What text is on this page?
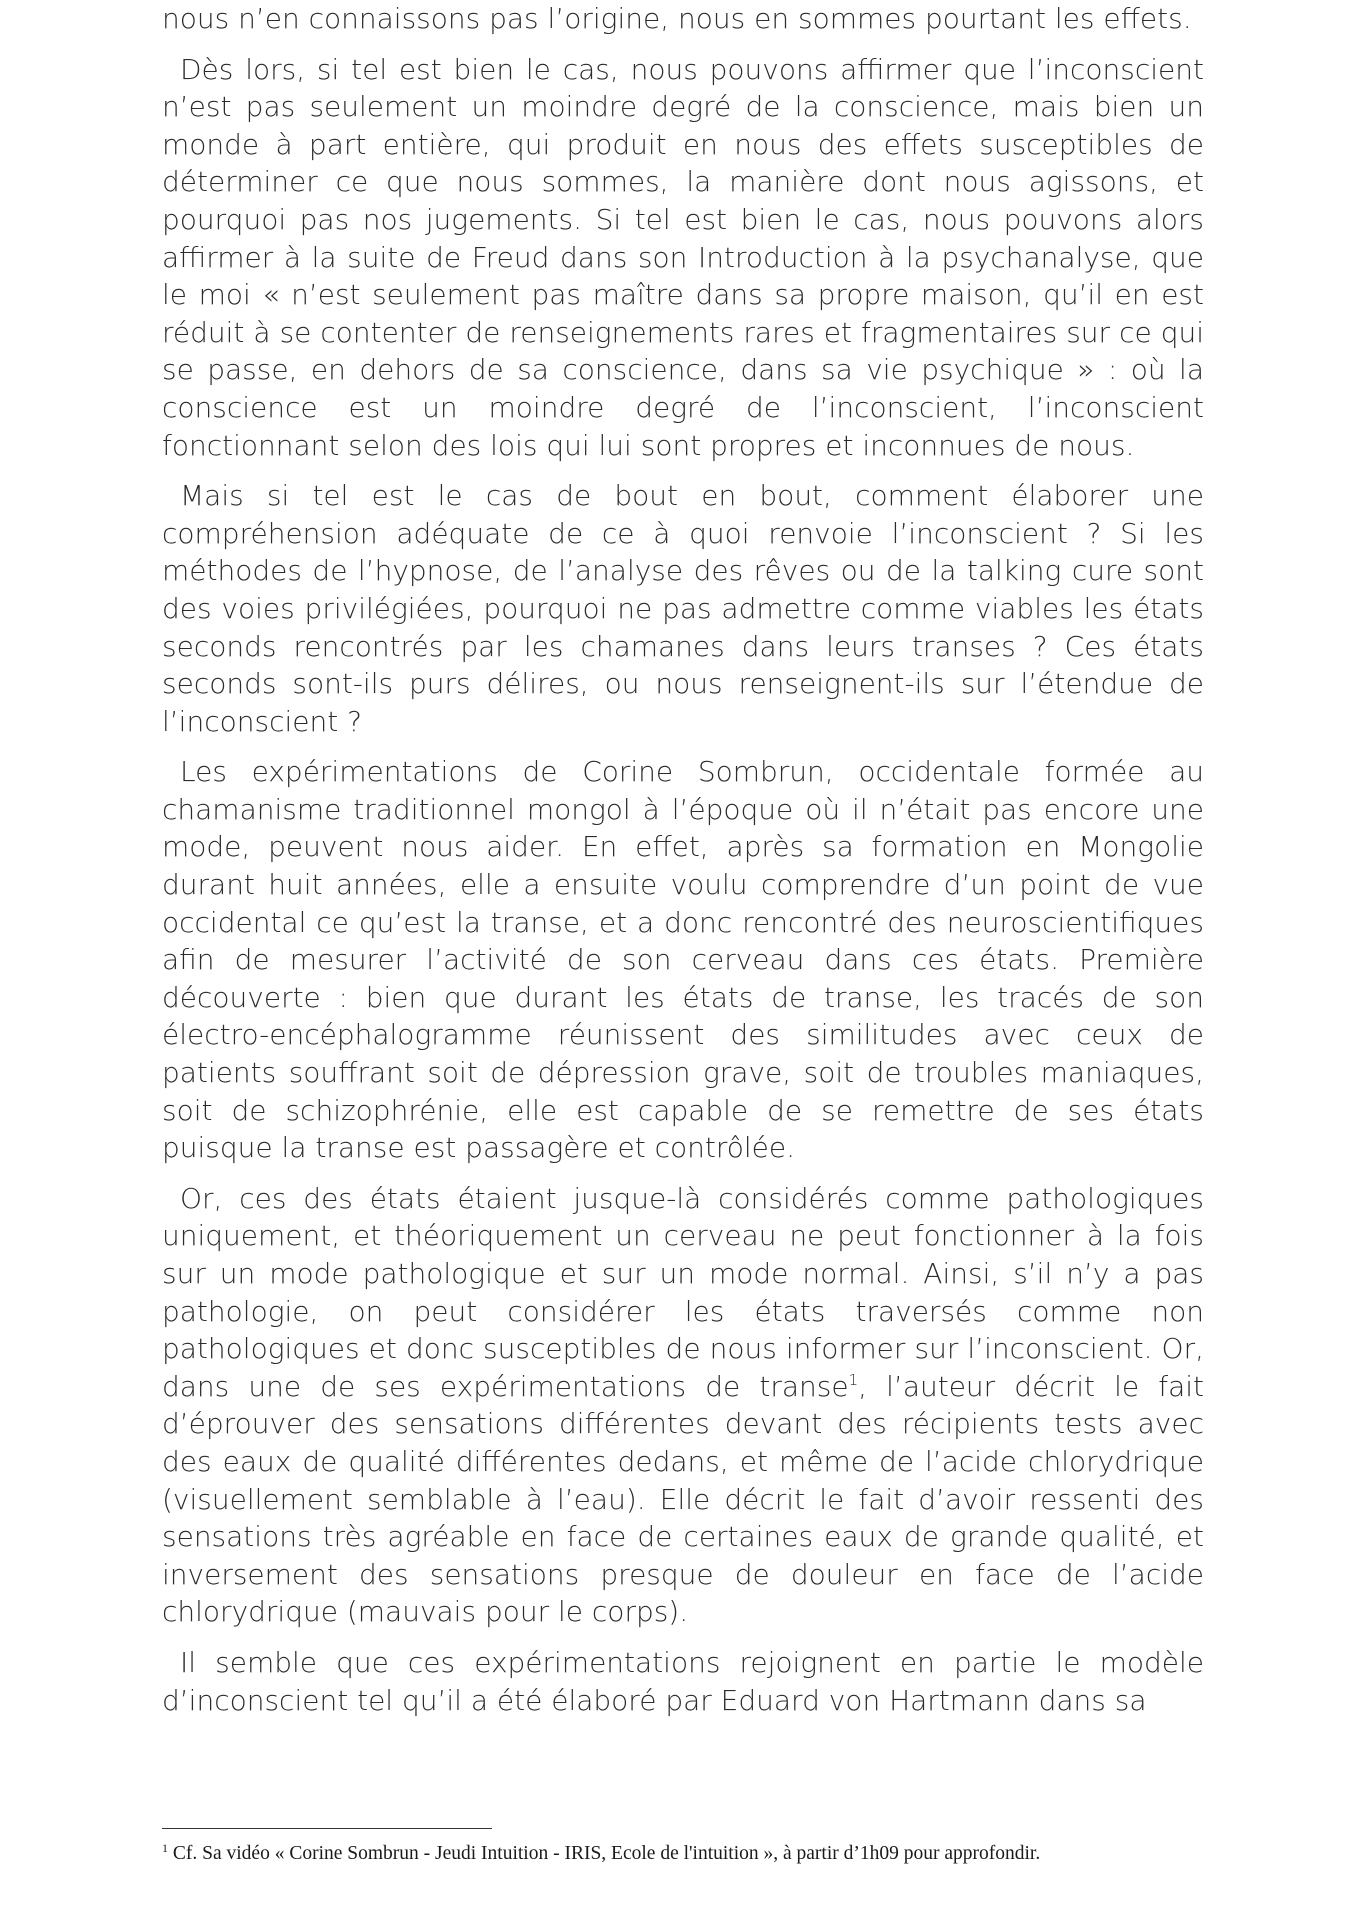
nous n’en connaissons pas l’origine, nous en sommes pourtant les effets.

Dès lors, si tel est bien le cas, nous pouvons affirmer que l’inconscient n’est pas seulement un moindre degré de la conscience, mais bien un monde à part entière, qui produit en nous des effets susceptibles de déterminer ce que nous sommes, la manière dont nous agissons, et pourquoi pas nos jugements. Si tel est bien le cas, nous pouvons alors affirmer à la suite de Freud dans son Introduction à la psychanalyse, que le moi « n’est seulement pas maître dans sa propre maison, qu’il en est réduit à se contenter de renseignements rares et fragmentaires sur ce qui se passe, en dehors de sa conscience, dans sa vie psychique » : où la conscience est un moindre degré de l’inconscient, l’inconscient fonctionnant selon des lois qui lui sont propres et inconnues de nous.

Mais si tel est le cas de bout en bout, comment élaborer une compréhension adéquate de ce à quoi renvoie l’inconscient ? Si les méthodes de l’hypnose, de l’analyse des rêves ou de la talking cure sont des voies privilégiées, pourquoi ne pas admettre comme viables les états seconds rencontrés par les chamanes dans leurs transes ? Ces états seconds sont-ils purs délires, ou nous renseignent-ils sur l’étendue de l’inconscient ?

Les expérimentations de Corine Sombrun, occidentale formée au chamanisme traditionnel mongol à l’époque où il n’était pas encore une mode, peuvent nous aider. En effet, après sa formation en Mongolie durant huit années, elle a ensuite voulu comprendre d’un point de vue occidental ce qu’est la transe, et a donc rencontré des neuroscientifiques afin de mesurer l’activité de son cerveau dans ces états. Première découverte : bien que durant les états de transe, les tracés de son électro-encéphalogramme réunissent des similitudes avec ceux de patients souffrant soit de dépression grave, soit de troubles maniaques, soit de schizophrénie, elle est capable de se remettre de ses états puisque la transe est passagère et contrôlée.

Or, ces des états étaient jusque-là considérés comme pathologiques uniquement, et théoriquement un cerveau ne peut fonctionner à la fois sur un mode pathologique et sur un mode normal. Ainsi, s’il n’y a pas pathologie, on peut considérer les états traversés comme non pathologiques et donc susceptibles de nous informer sur l’inconscient. Or, dans une de ses expérimentations de transe$^1$, l’auteur décrit le fait d’éprouver des sensations différentes devant des récipients tests avec des eaux de qualité différentes dedans, et même de l’acide chlorydrique (visuellement semblable à l’eau). Elle décrit le fait d’avoir ressenti des sensations très agréable en face de certaines eaux de grande qualité, et inversement des sensations presque de douleur en face de l’acide chlorydrique (mauvais pour le corps).

Il semble que ces expérimentations rejoignent en partie le modèle d’inconscient tel qu’il a été élaboré par Eduard von Hartmann dans sa

$^1$ Cf. Sa vidéo « Corine Sombrun - Jeudi Intuition - IRIS, Ecole de l'intuition », à partir d’1h09 pour approfondir.
